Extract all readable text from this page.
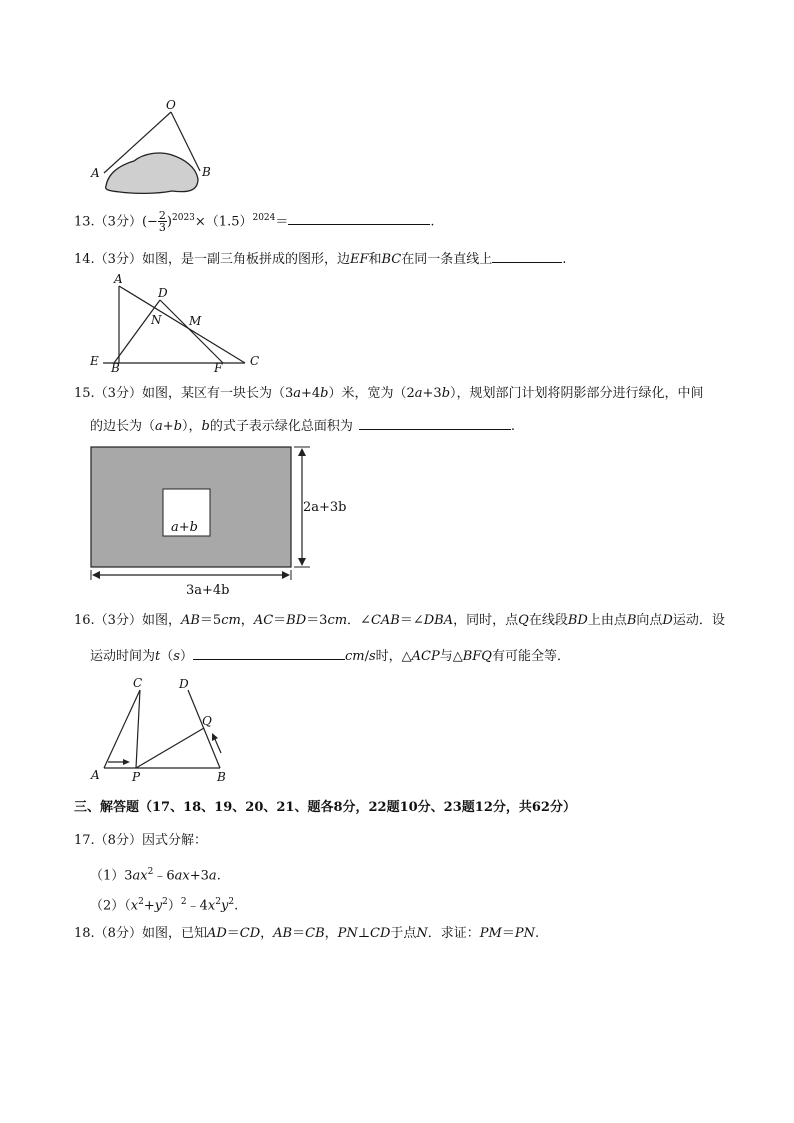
O
A	B
13.（3分）(− $\frac{2}{3} )^{2023}\times(1.5)^{2024}=$	.
14.（3分）如图，是一副三角板拼成的图形，边EF和BC在同一条直线上	.
A
D
N M
E B	F C
15.（3分）如图，某区有一块长为（3a+4b）米，宽为（2a+3b），规划部门计划将阴影部分进行绿化，中间
的边长为（a+b），b的式子表示绿化总面积为	.
a+b
2a+3b
3a+4b
16.（3分）如图，AB＝5cm，AC＝BD＝3cm．∠CAB＝∠DBA，同时，点Q在线段BD上由点B向点D运动．设
运动时间为t（s）	cm/s时，△ACP与△BFQ有可能全等．
C	D
Q
A	P	B
三、解答题（17、18、19、20、21、题各8分，22题10分、23题12分，共62分）
17.（8分）因式分解：
$(1)3ax^2﹣6ax+3a$.
$(2)(x^2+y^2)^2﹣4x^2y^2$.
18.（8分）如图，已知AD＝CD，AB＝CB，PN⊥CD于点N．求证：PM＝PN.
